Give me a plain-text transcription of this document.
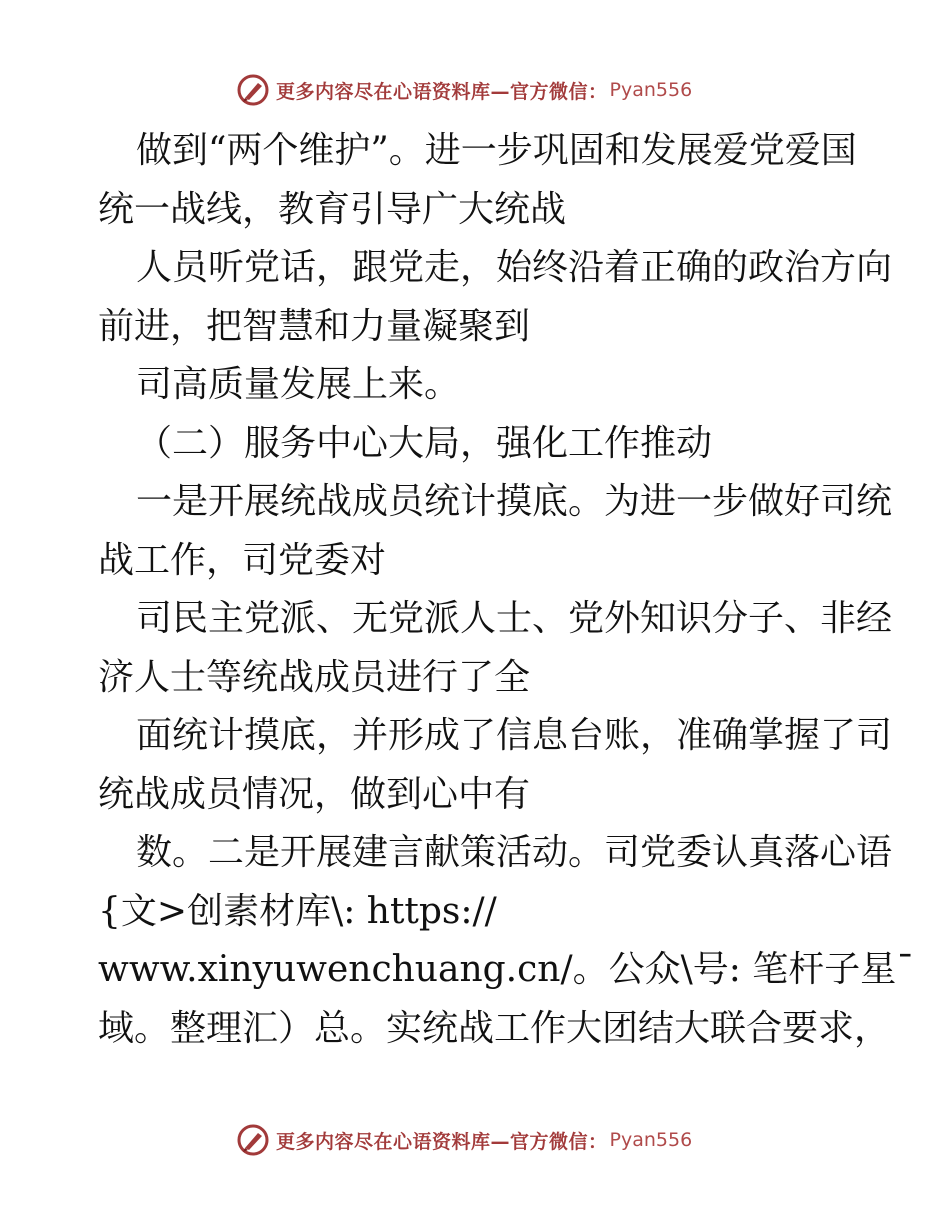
更多内容尽在心语资料库—官方微信： Pyan556
做到“两个维护”。进一步巩固和发展爱党爱国
统一战线，教育引导广大统战
人员听党话，跟党走，始终沿着正确的政治方向
前进，把智慧和力量凝聚到
司高质量发展上来。
（二）服务中心大局，强化工作推动
一是开展统战成员统计摸底。为进一步做好司统
战工作，司党委对
司民主党派、无党派人士、党外知识分子、非经
济人士等统战成员进行了全
面统计摸底，并形成了信息台账，准确掌握了司
统战成员情况，做到心中有
数。二是开展建言献策活动。司党委认真落心语
{文>创素材库\: https://
www.xinyuwenchuang.cn/。公众\号: 笔杆子星¯
域。整理汇）总。实统战工作大团结大联合要求，
更多内容尽在心语资料库—官方微信： Pyan556
